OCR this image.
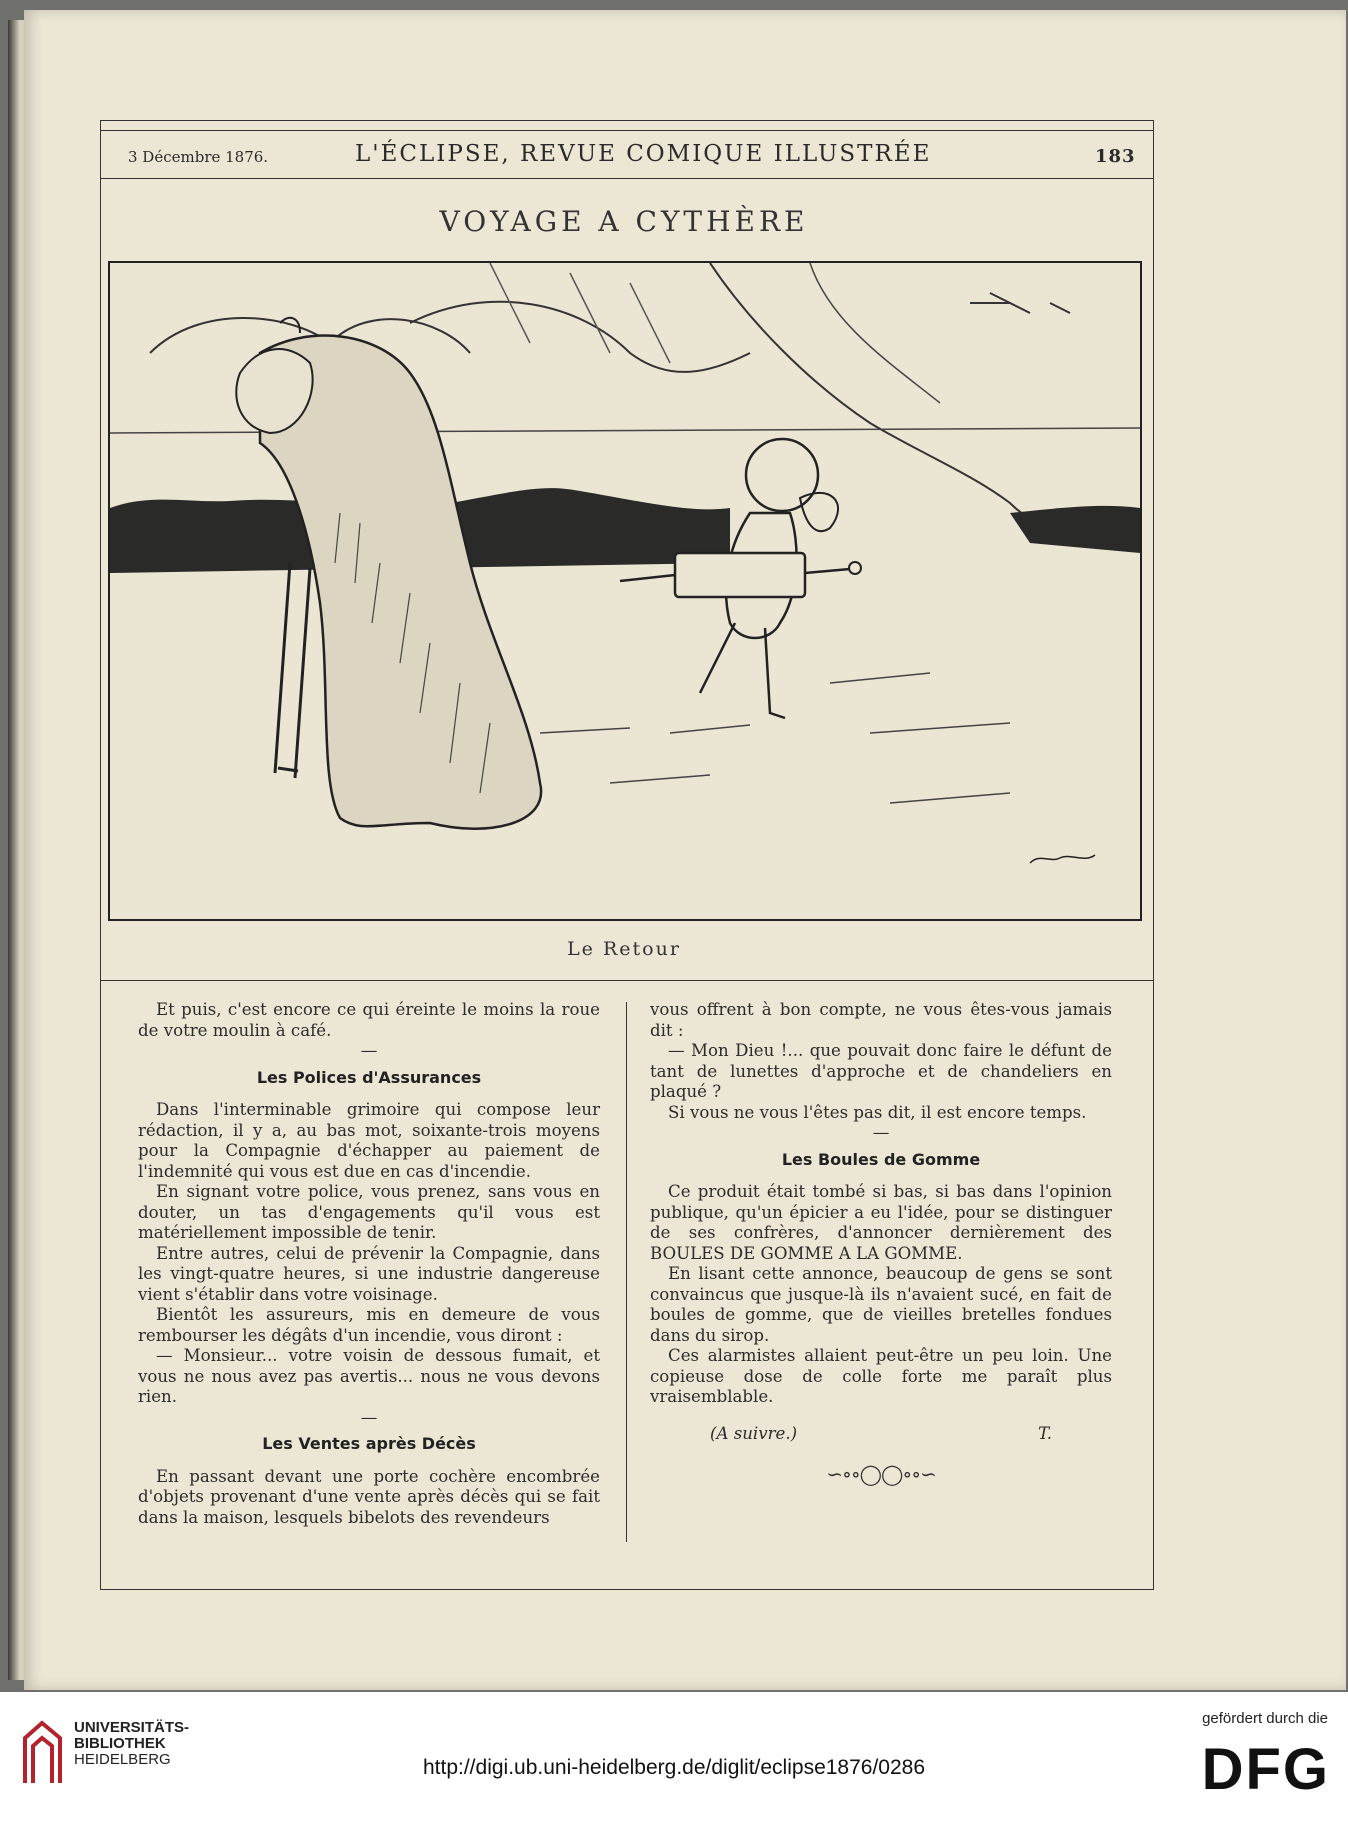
3 Décembre 1876.	L'ÉCLIPSE, REVUE COMIQUE ILLUSTRÉE	183
VOYAGE A CYTHÈRE
Le Retour

Et puis, c'est encore ce qui éreinte le moins la roue de votre moulin à café.

—

Les Polices d'Assurances

Dans l'interminable grimoire qui compose leur rédaction, il y a, au bas mot, soixante-trois moyens pour la Compagnie d'échapper au paiement de l'indemnité qui vous est due en cas d'incendie.

En signant votre police, vous prenez, sans vous en douter, un tas d'engagements qu'il vous est matériellement impossible de tenir.

Entre autres, celui de prévenir la Compagnie, dans les vingt-quatre heures, si une industrie dangereuse vient s'établir dans votre voisinage.

Bientôt les assureurs, mis en demeure de vous rembourser les dégâts d'un incendie, vous diront :

— Monsieur... votre voisin de dessous fumait, et vous ne nous avez pas avertis... nous ne vous devons rien.

—

Les Ventes après Décès

En passant devant une porte cochère encombrée d'objets provenant d'une vente après décès qui se fait dans la maison, lesquels bibelots des revendeurs

vous offrent à bon compte, ne vous êtes-vous jamais dit :

— Mon Dieu !... que pouvait donc faire le défunt de tant de lunettes d'approche et de chandeliers en plaqué ?

Si vous ne vous l'êtes pas dit, il est encore temps.

—

Les Boules de Gomme

Ce produit était tombé si bas, si bas dans l'opinion publique, qu'un épicier a eu l'idée, pour se distinguer de ses confrères, d'annoncer dernièrement des BOULES DE GOMME A LA GOMME.

En lisant cette annonce, beaucoup de gens se sont convaincus que jusque-là ils n'avaient sucé, en fait de boules de gomme, que de vieilles bretelles fondues dans du sirop.

Ces alarmistes allaient peut-être un peu loin. Une copieuse dose de colle forte me paraît plus vraisemblable.

(A suivre.)	T.
∽∘∘◯◯∘∘∽
UNIVERSITÄTS-
BIBLIOTHEK
HEIDELBERG	http://digi.ub.uni-heidelberg.de/diglit/eclipse1876/0286
gefördert durch die
DFG
